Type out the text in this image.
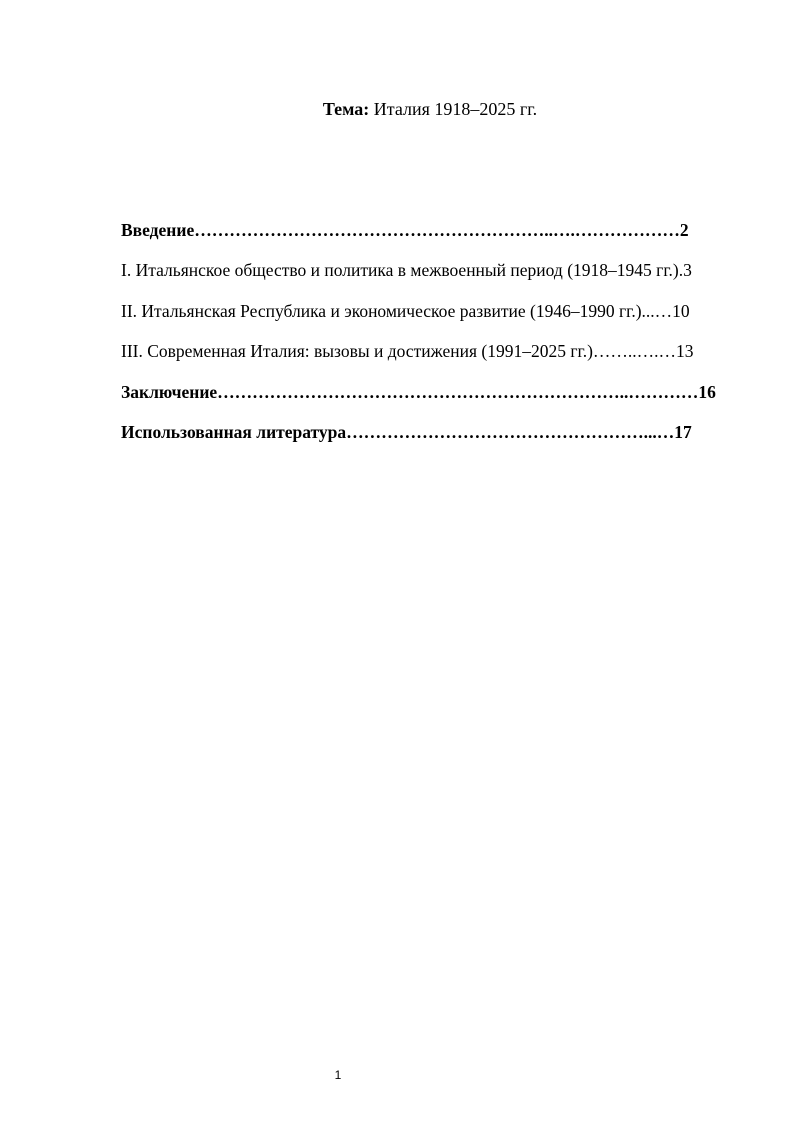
Тема: Италия 1918–2025 гг.
Введение……………………………………………………..….………………2
I. Итальянское общество и политика в межвоенный период (1918–1945 гг.).3
II. Итальянская Республика и экономическое развитие (1946–1990 гг.)...…10
III. Современная Италия: вызовы и достижения (1991–2025 гг.)……..….…13
Заключение……………………………………………………………..…………16
Использованная литература……………………………………………...…17
1
